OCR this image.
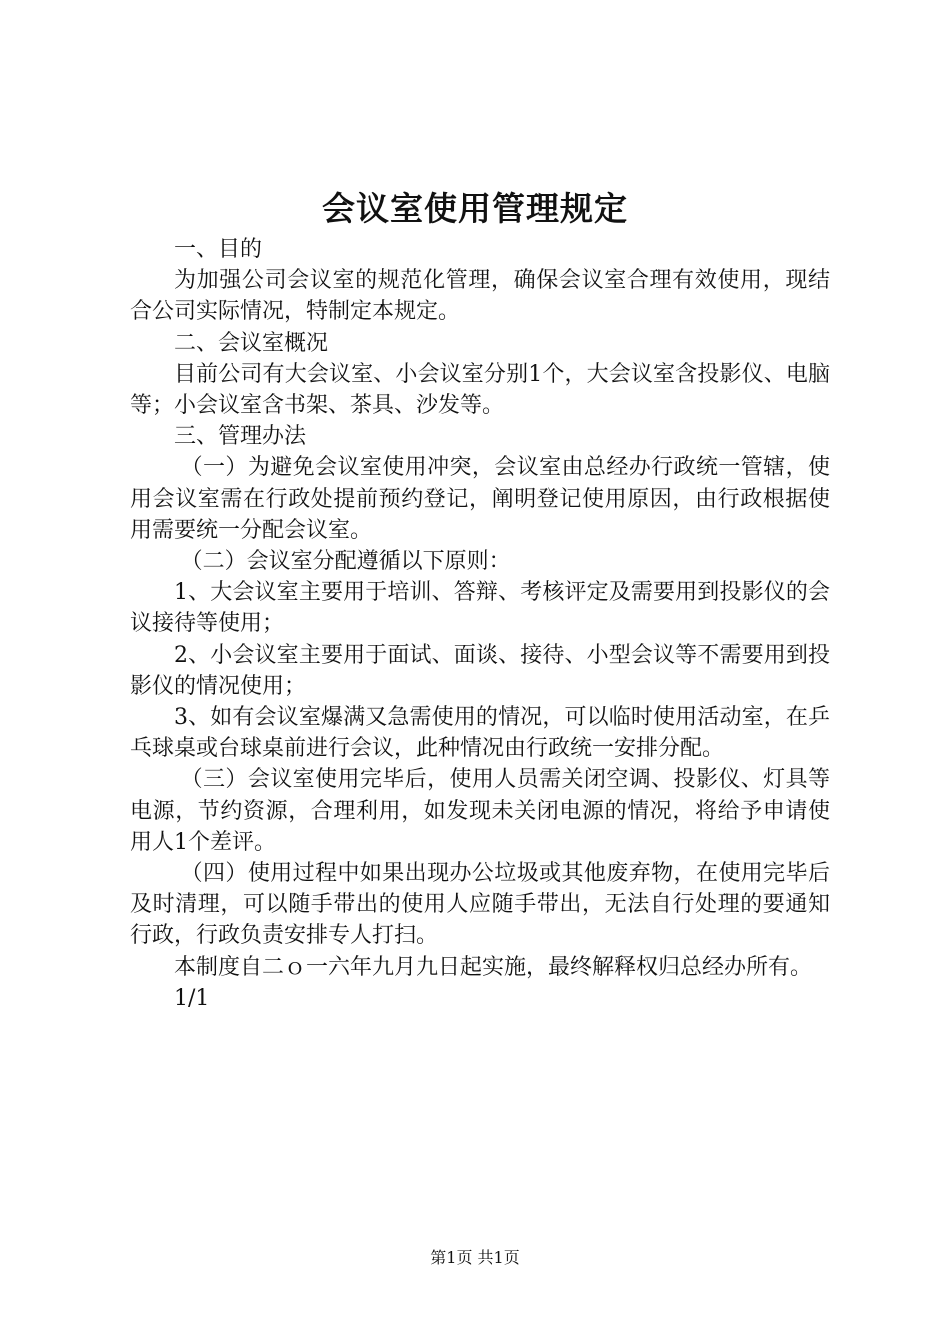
会议室使用管理规定

一、目的

为加强公司会议室的规范化管理，确保会议室合理有效使用，现结合公司实际情况，特制定本规定。

二、会议室概况

目前公司有大会议室、小会议室分别1个，大会议室含投影仪、电脑等；小会议室含书架、茶具、沙发等。

三、管理办法

（一）为避免会议室使用冲突，会议室由总经办行政统一管辖，使用会议室需在行政处提前预约登记，阐明登记使用原因，由行政根据使用需要统一分配会议室。

（二）会议室分配遵循以下原则：

1、大会议室主要用于培训、答辩、考核评定及需要用到投影仪的会议接待等使用；

2、小会议室主要用于面试、面谈、接待、小型会议等不需要用到投影仪的情况使用；

3、如有会议室爆满又急需使用的情况，可以临时使用活动室，在乒乓球桌或台球桌前进行会议，此种情况由行政统一安排分配。

（三）会议室使用完毕后，使用人员需关闭空调、投影仪、灯具等电源，节约资源，合理利用，如发现未关闭电源的情况，将给予申请使用人1个差评。

（四）使用过程中如果出现办公垃圾或其他废弃物，在使用完毕后及时清理，可以随手带出的使用人应随手带出，无法自行处理的要通知行政，行政负责安排专人打扫。

本制度自二ｏ一六年九月九日起实施，最终解释权归总经办所有。

1/1

第1页 共1页
